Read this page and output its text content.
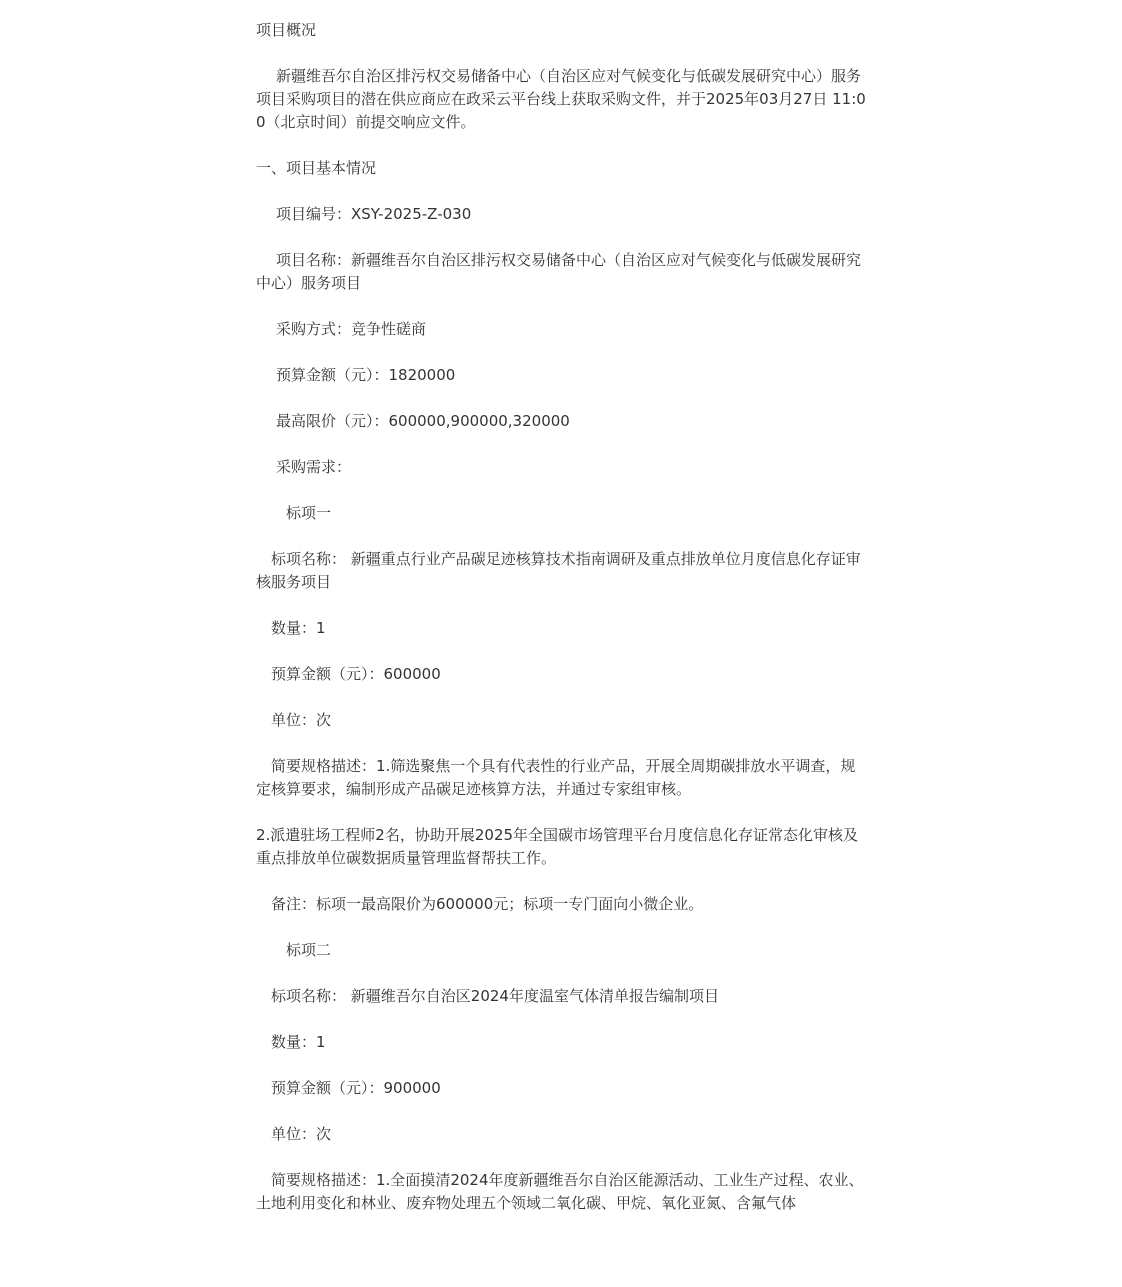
项目概况

新疆维吾尔自治区排污权交易储备中心（自治区应对气候变化与低碳发展研究中心）服务项目采购项目的潜在供应商应在政采云平台线上获取采购文件，并于2025年03月27日 11:00（北京时间）前提交响应文件。

一、项目基本情况

项目编号：XSY-2025-Z-030

项目名称：新疆维吾尔自治区排污权交易储备中心（自治区应对气候变化与低碳发展研究中心）服务项目

采购方式：竞争性磋商

预算金额（元）：1820000

最高限价（元）：600000,900000,320000

采购需求：

标项一

标项名称： 新疆重点行业产品碳足迹核算技术指南调研及重点排放单位月度信息化存证审核服务项目

数量：1

预算金额（元）：600000

单位：次

简要规格描述：1.筛选聚焦一个具有代表性的行业产品，开展全周期碳排放水平调查，规定核算要求，编制形成产品碳足迹核算方法，并通过专家组审核。

2.派遣驻场工程师2名，协助开展2025年全国碳市场管理平台月度信息化存证常态化审核及重点排放单位碳数据质量管理监督帮扶工作。

备注：标项一最高限价为600000元；标项一专门面向小微企业。

标项二

标项名称： 新疆维吾尔自治区2024年度温室气体清单报告编制项目

数量：1

预算金额（元）：900000

单位：次

简要规格描述：1.全面摸清2024年度新疆维吾尔自治区能源活动、工业生产过程、农业、土地利用变化和林业、废弃物处理五个领域二氧化碳、甲烷、氧化亚氮、含氟气体
